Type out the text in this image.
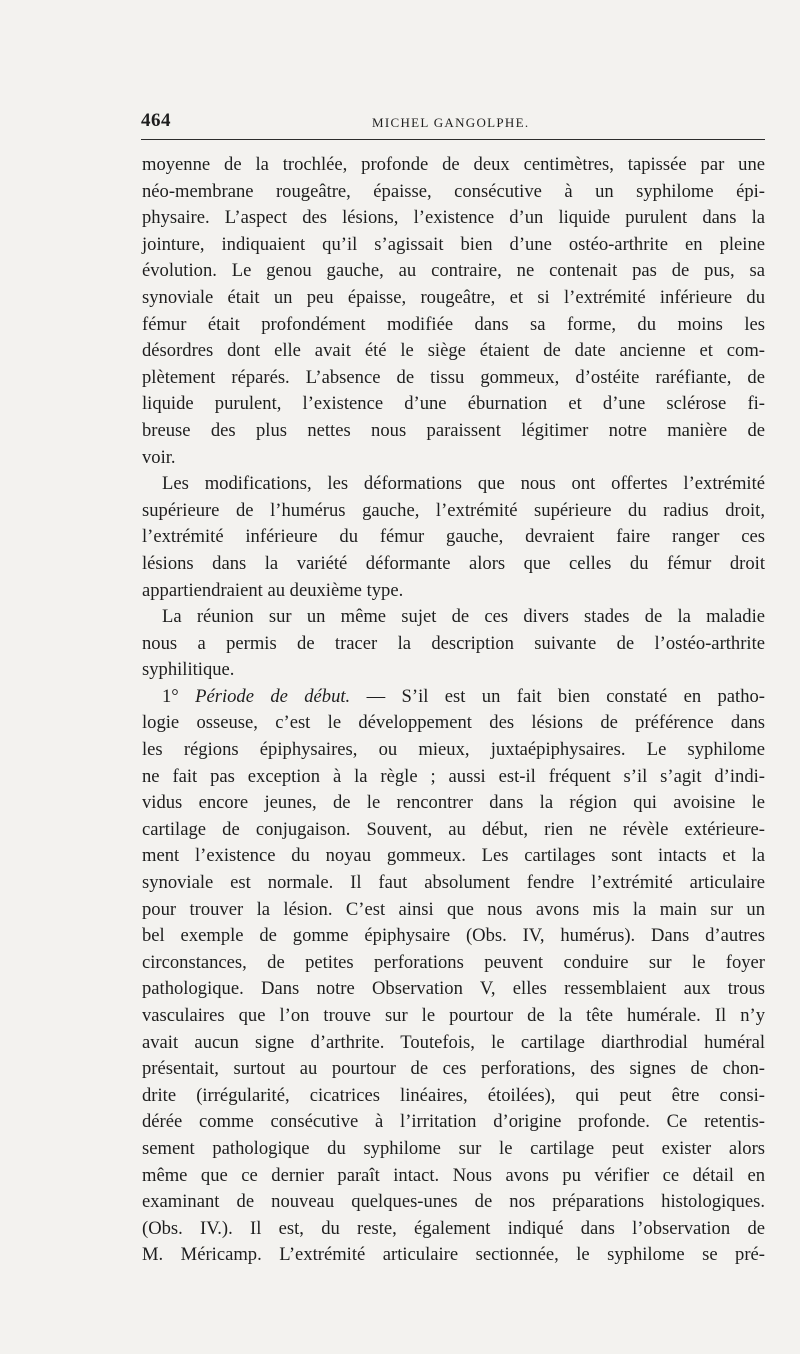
464	MICHEL GANGOLPHE.
moyenne de la trochlée, profonde de deux centimètres, tapissée par une
néo-membrane rougeâtre, épaisse, consécutive à un syphilome épi-
physaire. L’aspect des lésions, l’existence d’un liquide purulent dans la
jointure, indiquaient qu’il s’agissait bien d’une ostéo-arthrite en pleine
évolution. Le genou gauche, au contraire, ne contenait pas de pus, sa
synoviale était un peu épaisse, rougeâtre, et si l’extrémité inférieure du
fémur était profondément modifiée dans sa forme, du moins les
désordres dont elle avait été le siège étaient de date ancienne et com-
plètement réparés. L’absence de tissu gommeux, d’ostéite raréfiante, de
liquide purulent, l’existence d’une éburnation et d’une sclérose fi-
breuse des plus nettes nous paraissent légitimer notre manière de
voir.
Les modifications, les déformations que nous ont offertes l’extrémité
supérieure de l’humérus gauche, l’extrémité supérieure du radius droit,
l’extrémité inférieure du fémur gauche, devraient faire ranger ces
lésions dans la variété déformante alors que celles du fémur droit
appartiendraient au deuxième type.
La réunion sur un même sujet de ces divers stades de la maladie
nous a permis de tracer la description suivante de l’ostéo-arthrite
syphilitique.
1° Période de début. — S’il est un fait bien constaté en patho-
logie osseuse, c’est le développement des lésions de préférence dans
les régions épiphysaires, ou mieux, juxtaépiphysaires. Le syphilome
ne fait pas exception à la règle ; aussi est-il fréquent s’il s’agit d’indi-
vidus encore jeunes, de le rencontrer dans la région qui avoisine le
cartilage de conjugaison. Souvent, au début, rien ne révèle extérieure-
ment l’existence du noyau gommeux. Les cartilages sont intacts et la
synoviale est normale. Il faut absolument fendre l’extrémité articulaire
pour trouver la lésion. C’est ainsi que nous avons mis la main sur un
bel exemple de gomme épiphysaire (Obs. IV, humérus). Dans d’autres
circonstances, de petites perforations peuvent conduire sur le foyer
pathologique. Dans notre Observation V, elles ressemblaient aux trous
vasculaires que l’on trouve sur le pourtour de la tête humérale. Il n’y
avait aucun signe d’arthrite. Toutefois, le cartilage diarthrodial huméral
présentait, surtout au pourtour de ces perforations, des signes de chon-
drite (irrégularité, cicatrices linéaires, étoilées), qui peut être consi-
dérée comme consécutive à l’irritation d’origine profonde. Ce retentis-
sement pathologique du syphilome sur le cartilage peut exister alors
même que ce dernier paraît intact. Nous avons pu vérifier ce détail en
examinant de nouveau quelques-unes de nos préparations histologiques.
(Obs. IV.). Il est, du reste, également indiqué dans l’observation de
M. Méricamp. L’extrémité articulaire sectionnée, le syphilome se pré-
